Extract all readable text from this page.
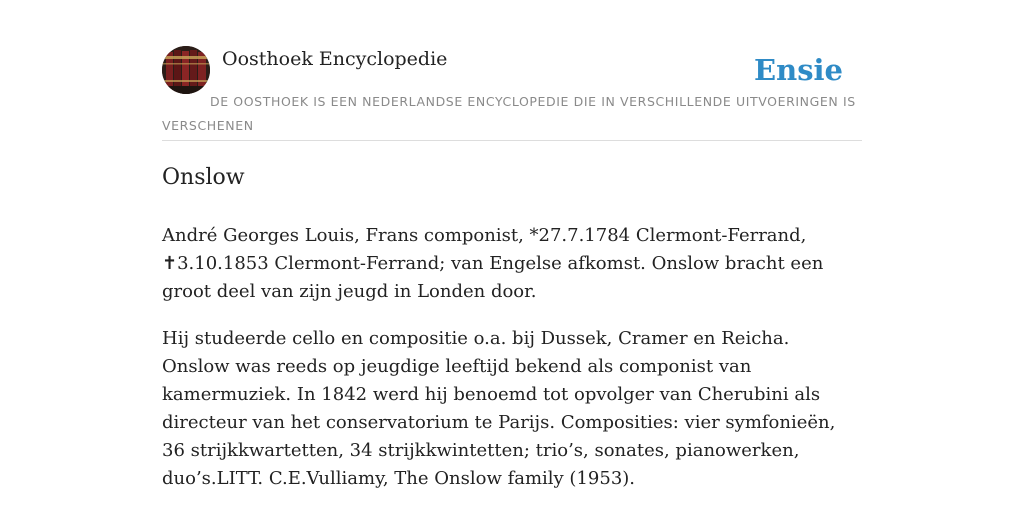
Oosthoek Encyclopedie	Ensie
DE OOSTHOEK IS EEN NEDERLANDSE ENCYCLOPEDIE DIE IN VERSCHILLENDE UITVOERINGEN IS VERSCHENEN
Onslow

André Georges Louis, Frans componist, *27.7.1784 Clermont-Ferrand, ✝3.10.1853 Clermont-Ferrand; van Engelse afkomst. Onslow bracht een groot deel van zijn jeugd in Londen door.

Hij studeerde cello en compositie o.a. bij Dussek, Cramer en Reicha. Onslow was reeds op jeugdige leeftijd bekend als componist van kamermuziek. In 1842 werd hij benoemd tot opvolger van Cherubini als directeur van het conservatorium te Parijs. Composities: vier symfonieën, 36 strijkkwartetten, 34 strijkkwintetten; trio’s, sonates, pianowerken, duo’s.LITT. C.E.Vulliamy, The Onslow family (1953).
